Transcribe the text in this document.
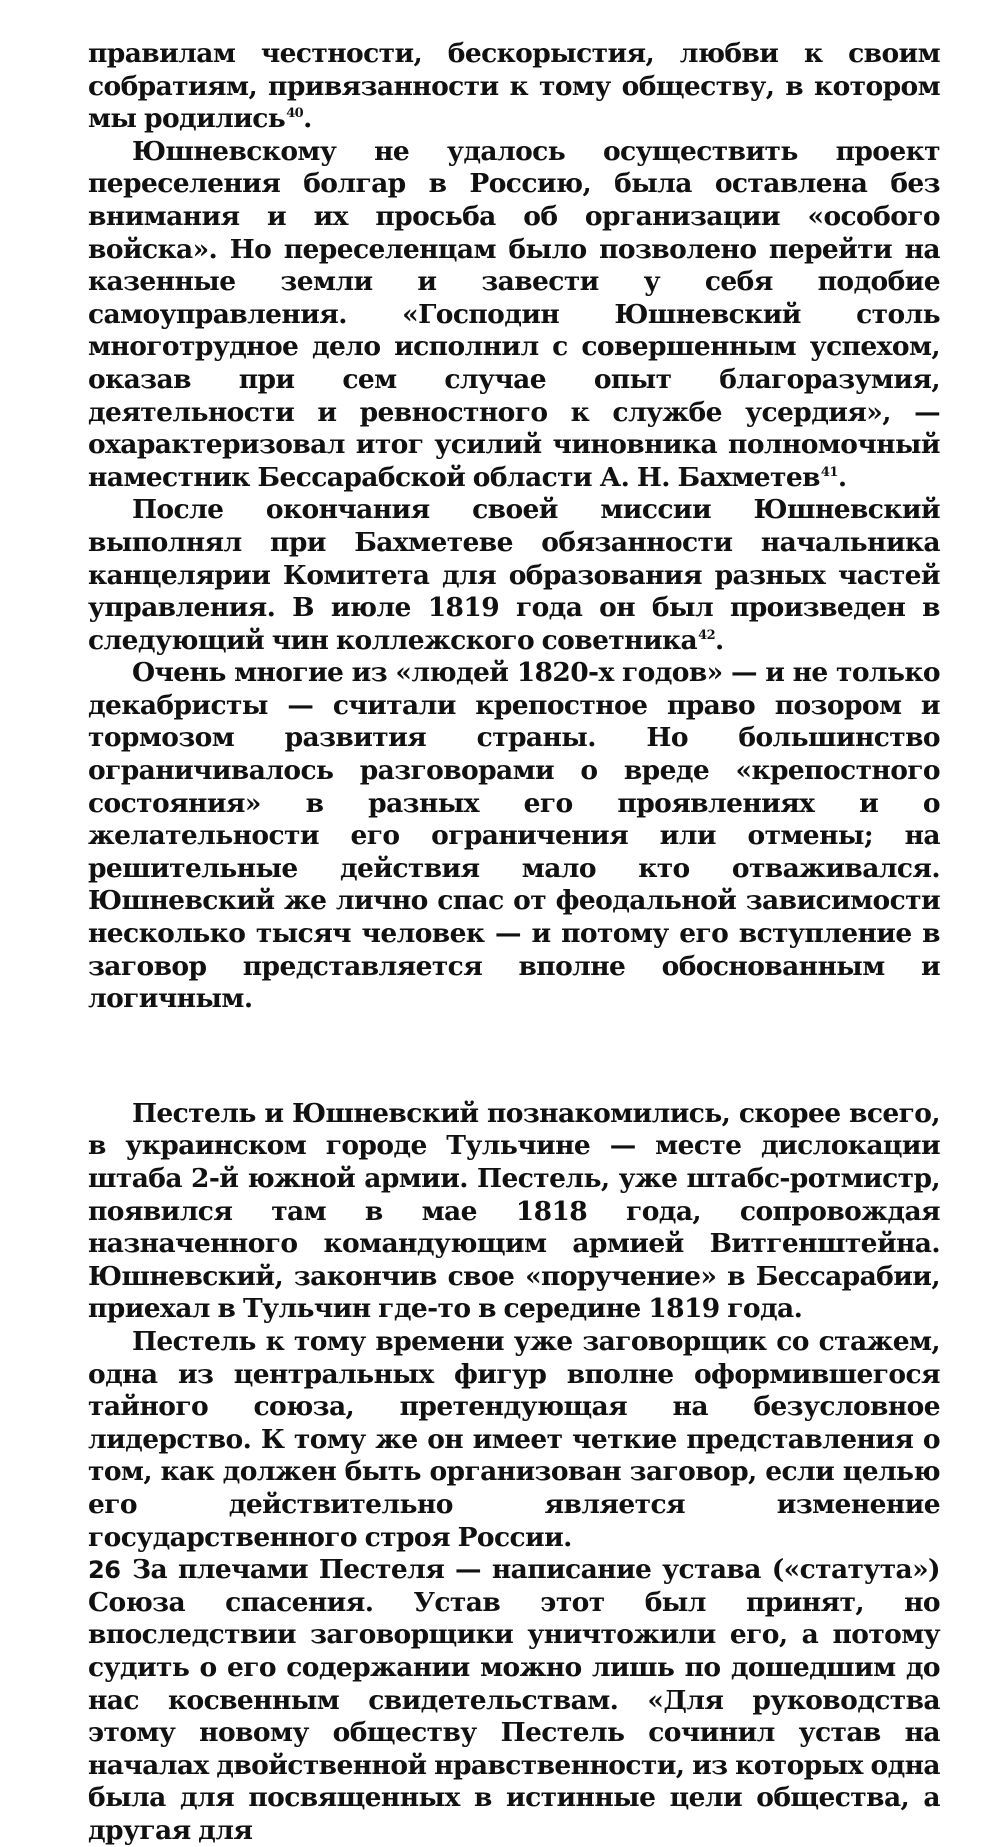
правилам честности, бескорыстия, любви к своим собратиям, привязанности к тому обществу, в котором мы родились$^{40}$.

Юшневскому не удалось осуществить проект переселения болгар в Россию, была оставлена без внимания и их просьба об организации «особого войска». Но переселенцам было позволено перейти на казенные земли и завести у себя подобие самоуправления. «Господин Юшневский столь многотрудное дело исполнил с совершенным успехом, оказав при сем случае опыт благоразумия, деятельности и ревностного к службе усердия», — охарактеризовал итог усилий чиновника полномочный наместник Бессарабской области А. Н. Бахметев$^{41}$.

После окончания своей миссии Юшневский выполнял при Бахметеве обязанности начальника канцелярии Комитета для образования разных частей управления. В июле 1819 года он был произведен в следующий чин коллежского советника$^{42}$.

Очень многие из «людей 1820-х годов» — и не только декабристы — считали крепостное право позором и тормозом развития страны. Но большинство ограничивалось разговорами о вреде «крепостного состояния» в разных его проявлениях и о желательности его ограничения или отмены; на решительные действия мало кто отваживался. Юшневский же лично спас от феодальной зависимости несколько тысяч человек — и потому его вступление в заговор представляется вполне обоснованным и логичным.

Пестель и Юшневский познакомились, скорее всего, в украинском городе Тульчине — месте дислокации штаба 2-й южной армии. Пестель, уже штабс-ротмистр, появился там в мае 1818 года, сопровождая назначенного командующим армией Витгенштейна. Юшневский, закончив свое «поручение» в Бессарабии, приехал в Тульчин где-то в середине 1819 года.

Пестель к тому времени уже заговорщик со стажем, одна из центральных фигур вполне оформившегося тайного союза, претендующая на безусловное лидерство. К тому же он имеет четкие представления о том, как должен быть организован заговор, если целью его действительно является изменение государственного строя России.

За плечами Пестеля — написание устава («статута») Союза спасения. Устав этот был принят, но впоследствии заговорщики уничтожили его, а потому судить о его содержании можно лишь по дошедшим до нас косвенным свидетельствам. «Для руководства этому новому обществу Пестель сочинил устав на началах двойственной нравственности, из которых одна была для посвященных в истинные цели общества, а другая для

26
